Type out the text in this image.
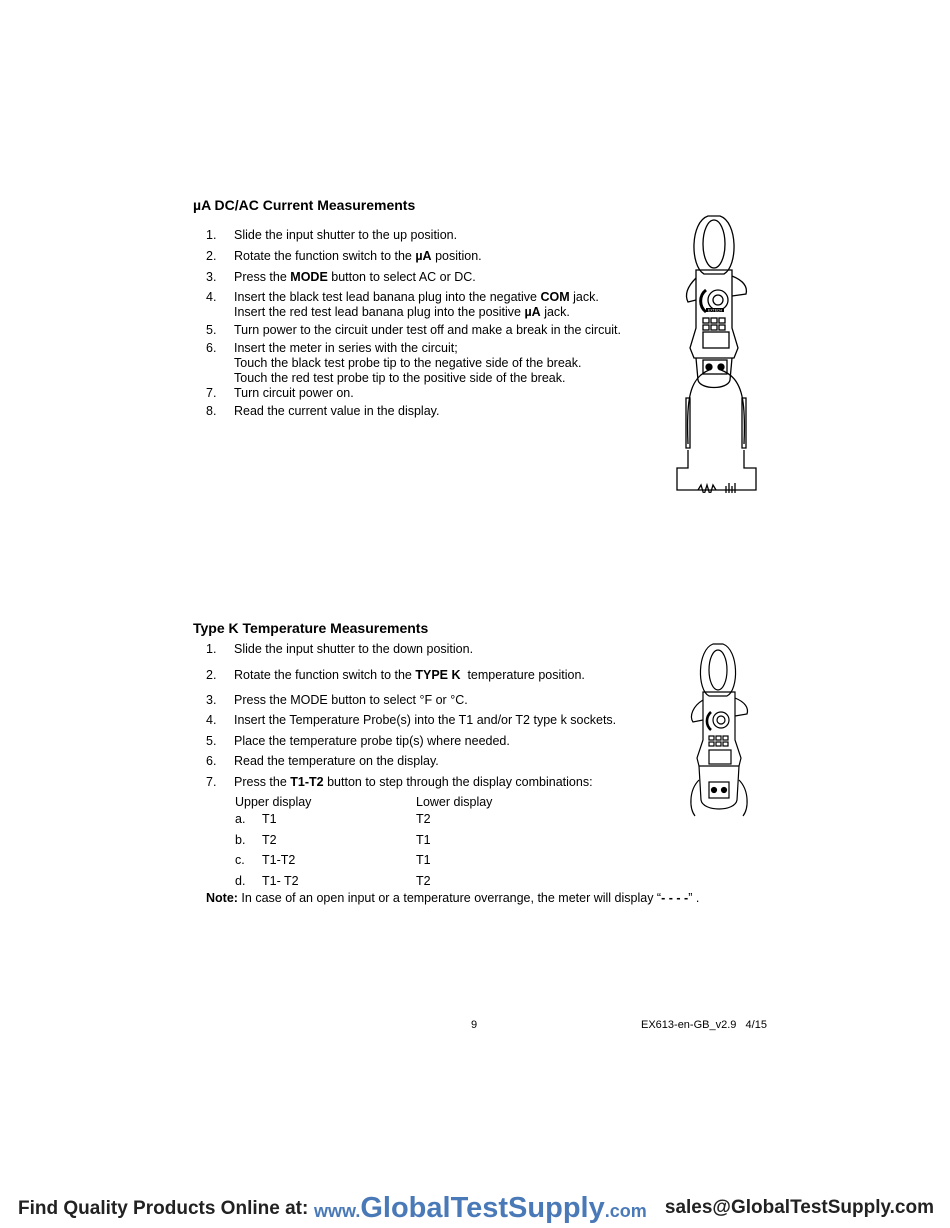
µA DC/AC Current Measurements
1.	Slide the input shutter to the up position.
2.	Rotate the function switch to the µA position.
3.	Press the MODE button to select AC or DC.
4.	Insert the black test lead banana plug into the negative COM jack.
Insert the red test lead banana plug into the positive µA jack.
5.	Turn power to the circuit under test off and make a break in the circuit.
6.	Insert the meter in series with the circuit;
Touch the black test probe tip to the negative side of the break.
Touch the red test probe tip to the positive side of the break.
7.	Turn circuit power on.
8.	Read the current value in the display.
EXTECH
Type K Temperature Measurements
1.	Slide the input shutter to the down position.
2.	Rotate the function switch to the TYPE K  temperature position.
3.	Press the MODE button to select °F or °C.
4.	Insert the Temperature Probe(s) into the T1 and/or T2 type k sockets.
5.	Place the temperature probe tip(s) where needed.
6.	Read the temperature on the display.
7.	Press the T1-T2 button to step through the display combinations:
Upper display	Lower display
a. T1	T2
b. T2	T1
c. T1-T2	T1
d. T1- T2	T2
Note: In case of an open input or a temperature overrange, the meter will display “- - - -” .
9	EX613-en-GB_v2.9   4/15
Find Quality Products Online at: www.GlobalTestSupply.com sales@GlobalTestSupply.com
